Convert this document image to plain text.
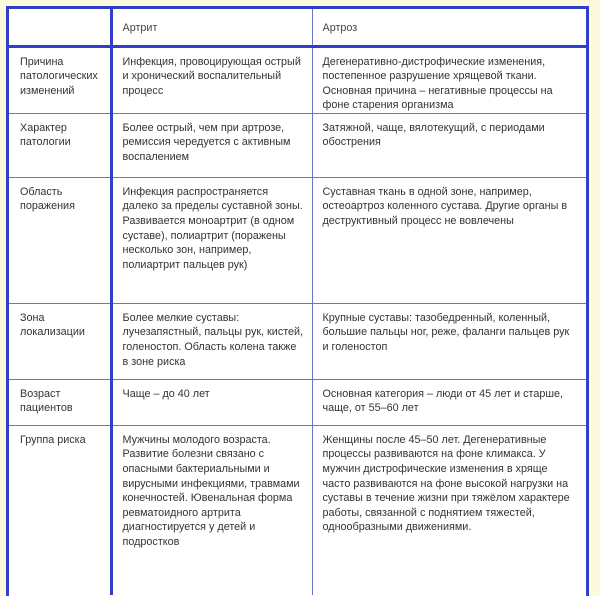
	Артрит	Артроз
Причина патологических изменений	Инфекция, провоцирующая острый и хронический воспалительный процесс	Дегенеративно-дистрофические изменения, постепенное разрушение хрящевой ткани. Основная причина – негативные процессы на фоне старения организма
Характер патологии	Более острый, чем при артрозе, ремиссия чередуется с активным воспалением	Затяжной, чаще, вялотекущий, с периодами обострения
Область поражения	Инфекция распространяется далеко за пределы суставной зоны. Развивается моноартрит (в одном суставе), полиартрит (поражены несколько зон, например, полиартрит пальцев рук)	Суставная ткань в одной зоне, например, остеоартроз коленного сустава. Другие органы в деструктивный процесс не вовлечены
Зона локализации	Более мелкие суставы: лучезапястный, пальцы рук, кистей, голеностоп. Область колена также в зоне риска	Крупные суставы: тазобедренный, коленный, большие пальцы ног, реже, фаланги пальцев рук и голеностоп
Возраст пациентов	Чаще – до 40 лет	Основная категория – люди от 45 лет и старше, чаще, от 55–60 лет
Группа риска	Мужчины молодого возраста. Развитие болезни связано с опасными бактериальными и вирусными инфекциями, травмами конечностей. Ювенальная форма ревматоидного артрита диагностируется у детей и подростков	Женщины после 45–50 лет. Дегенеративные процессы развиваются на фоне климакса. У мужчин дистрофические изменения в хряще часто развиваются на фоне высокой нагрузки на суставы в течение жизни при тяжёлом характере работы, связанной с поднятием тяжестей, однообразными движениями.
